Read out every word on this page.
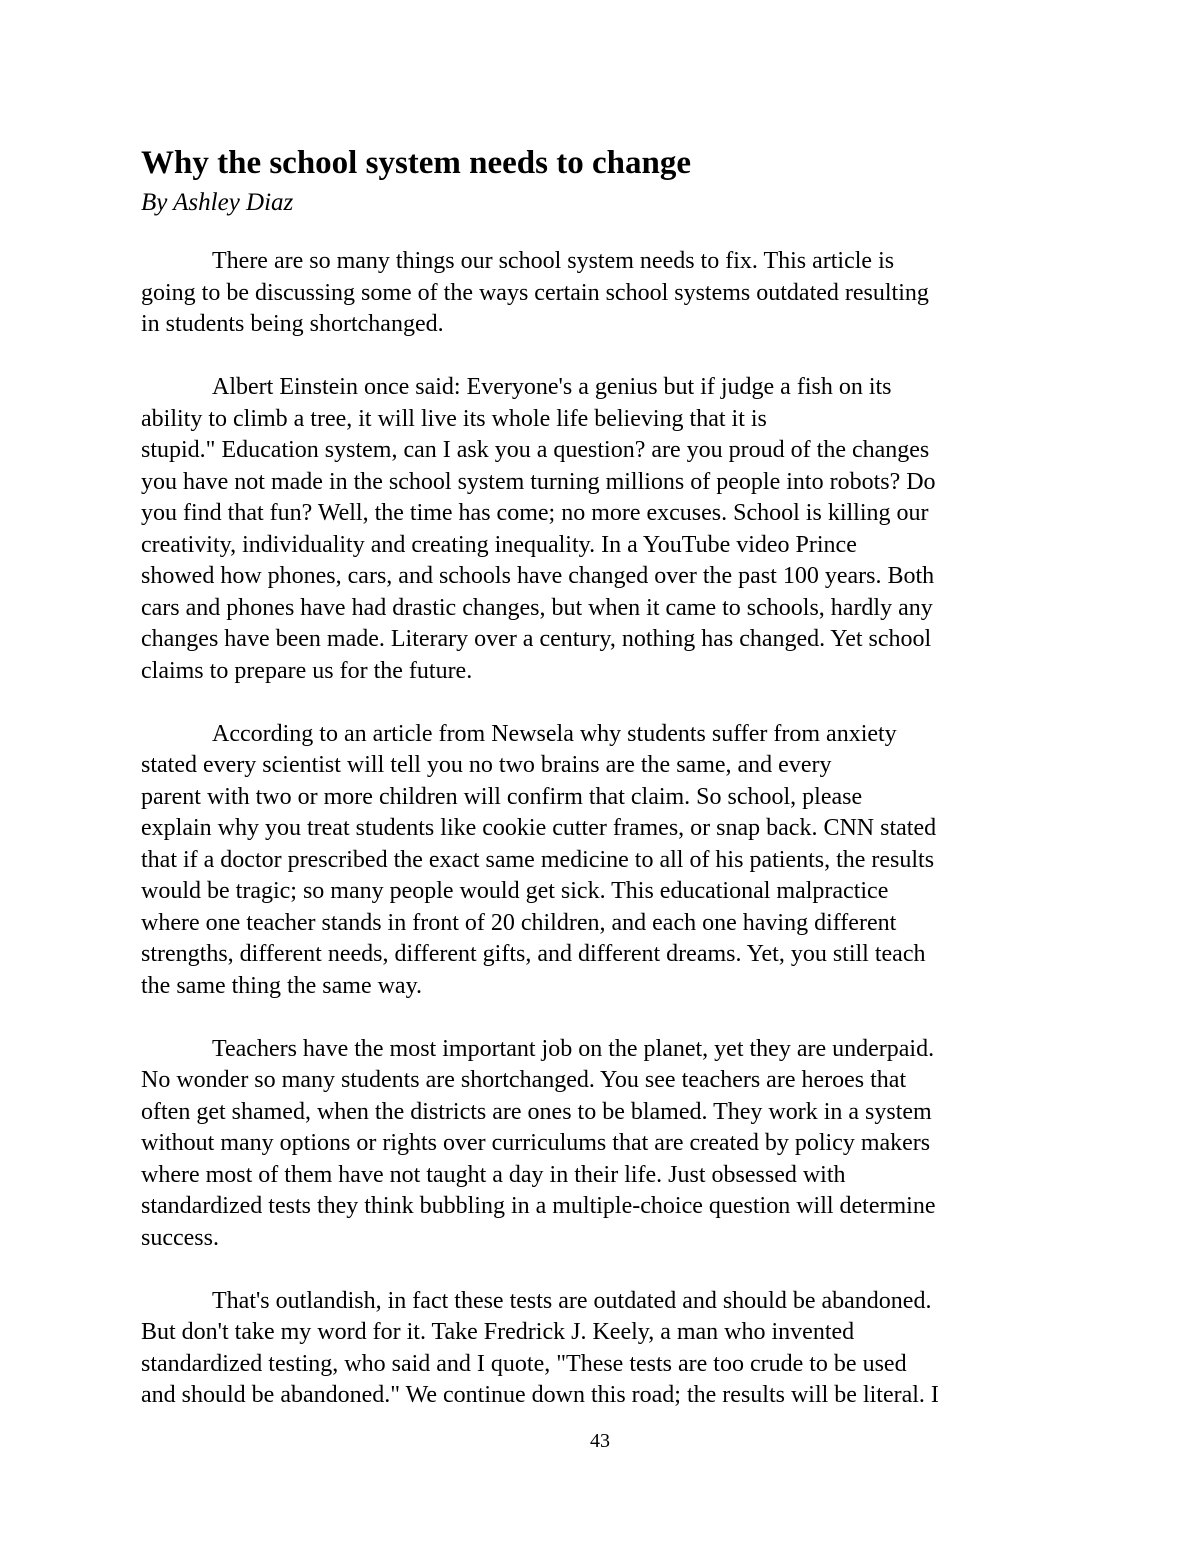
Why the school system needs to change

By Ashley Diaz

There are so many things our school system needs to fix. This article is
going to be discussing some of the ways certain school systems outdated resulting
in students being shortchanged.
Albert Einstein once said: Everyone's a genius but if judge a fish on its
ability to climb a tree, it will live its whole life believing that it is
stupid." Education system, can I ask you a question? are you proud of the changes
you have not made in the school system turning millions of people into robots? Do
you find that fun? Well, the time has come; no more excuses. School is killing our
creativity, individuality and creating inequality. In a YouTube video Prince
showed how phones, cars, and schools have changed over the past 100 years. Both
cars and phones have had drastic changes, but when it came to schools, hardly any
changes have been made. Literary over a century, nothing has changed. Yet school
claims to prepare us for the future.
According to an article from Newsela why students suffer from anxiety
stated every scientist will tell you no two brains are the same, and every
parent with two or more children will confirm that claim. So school, please
explain why you treat students like cookie cutter frames, or snap back. CNN stated
that if a doctor prescribed the exact same medicine to all of his patients, the results
would be tragic; so many people would get sick. This educational malpractice
where one teacher stands in front of 20 children, and each one having different
strengths, different needs, different gifts, and different dreams. Yet, you still teach
the same thing the same way.
Teachers have the most important job on the planet, yet they are underpaid.
No wonder so many students are shortchanged. You see teachers are heroes that
often get shamed, when the districts are ones to be blamed. They work in a system
without many options or rights over curriculums that are created by policy makers
where most of them have not taught a day in their life. Just obsessed with
standardized tests they think bubbling in a multiple-choice question will determine
success.
That's outlandish, in fact these tests are outdated and should be abandoned.
But don't take my word for it. Take Fredrick J. Keely, a man who invented
standardized testing, who said and I quote, "These tests are too crude to be used
and should be abandoned." We continue down this road; the results will be literal. I
43
